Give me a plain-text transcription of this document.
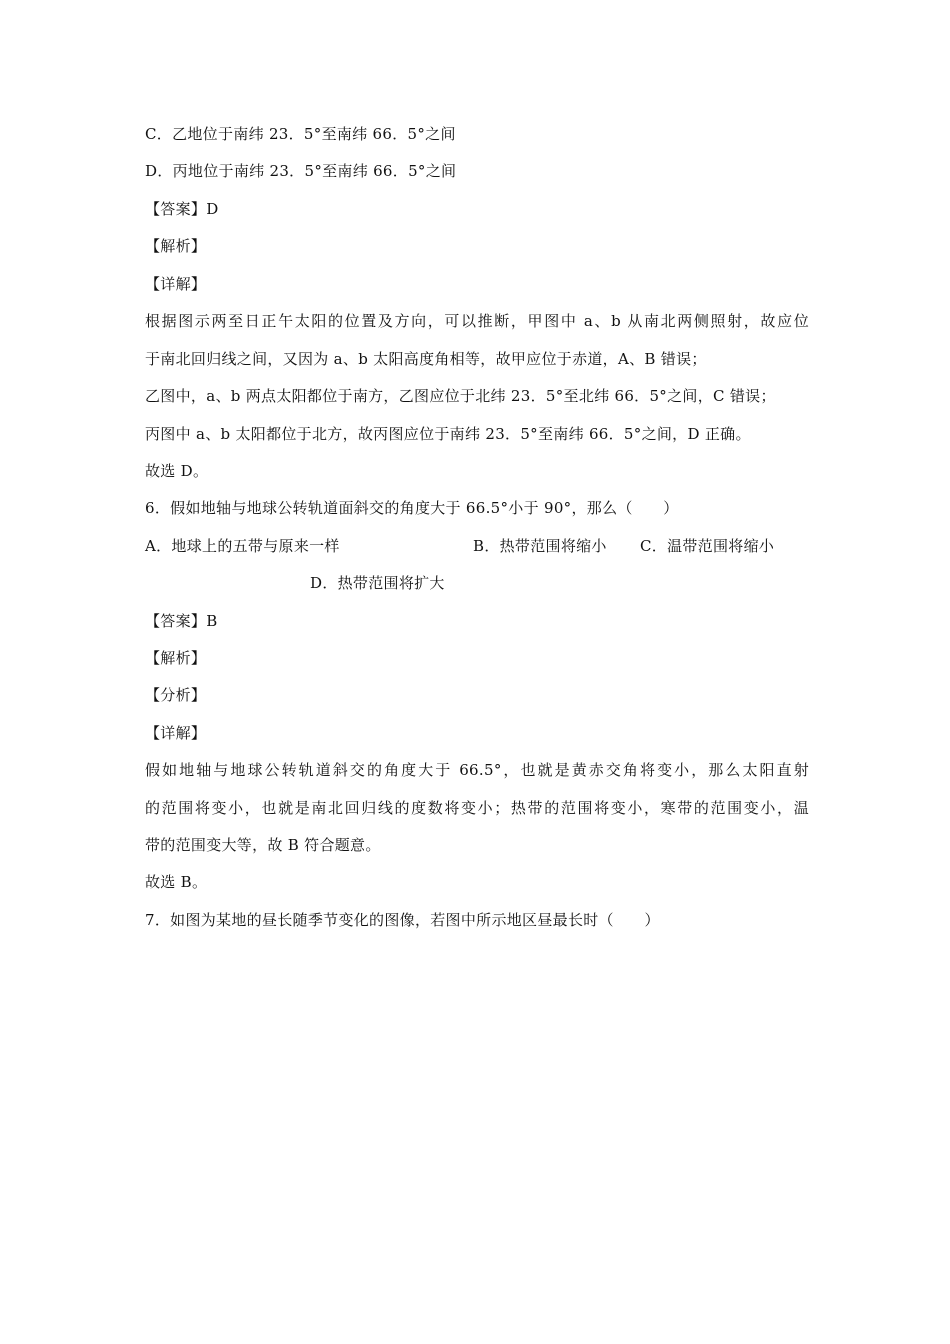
C．乙地位于南纬 23．5°至南纬 66．5°之间
D．丙地位于南纬 23．5°至南纬 66．5°之间
【答案】D
【解析】
【详解】
根据图示两至日正午太阳的位置及方向，可以推断，甲图中 a、b 从南北两侧照射，故应位
于南北回归线之间，又因为 a、b 太阳高度角相等，故甲应位于赤道，A、B 错误；
乙图中，a、b 两点太阳都位于南方，乙图应位于北纬 23．5°至北纬 66．5°之间，C 错误；
丙图中 a、b 太阳都位于北方，故丙图应位于南纬 23．5°至南纬 66．5°之间，D 正确。
故选 D。
6．假如地轴与地球公转轨道面斜交的角度大于 66.5°小于 90°，那么（　　）
A．地球上的五带与原来一样	B．热带范围将缩小 C．温带范围将缩小
D．热带范围将扩大
【答案】B
【解析】
【分析】
【详解】
假如地轴与地球公转轨道斜交的角度大于 66.5°，也就是黄赤交角将变小，那么太阳直射
的范围将变小，也就是南北回归线的度数将变小；热带的范围将变小，寒带的范围变小，温
带的范围变大等，故 B 符合题意。
故选 B。
7．如图为某地的昼长随季节变化的图像，若图中所示地区昼最长时（　　）
